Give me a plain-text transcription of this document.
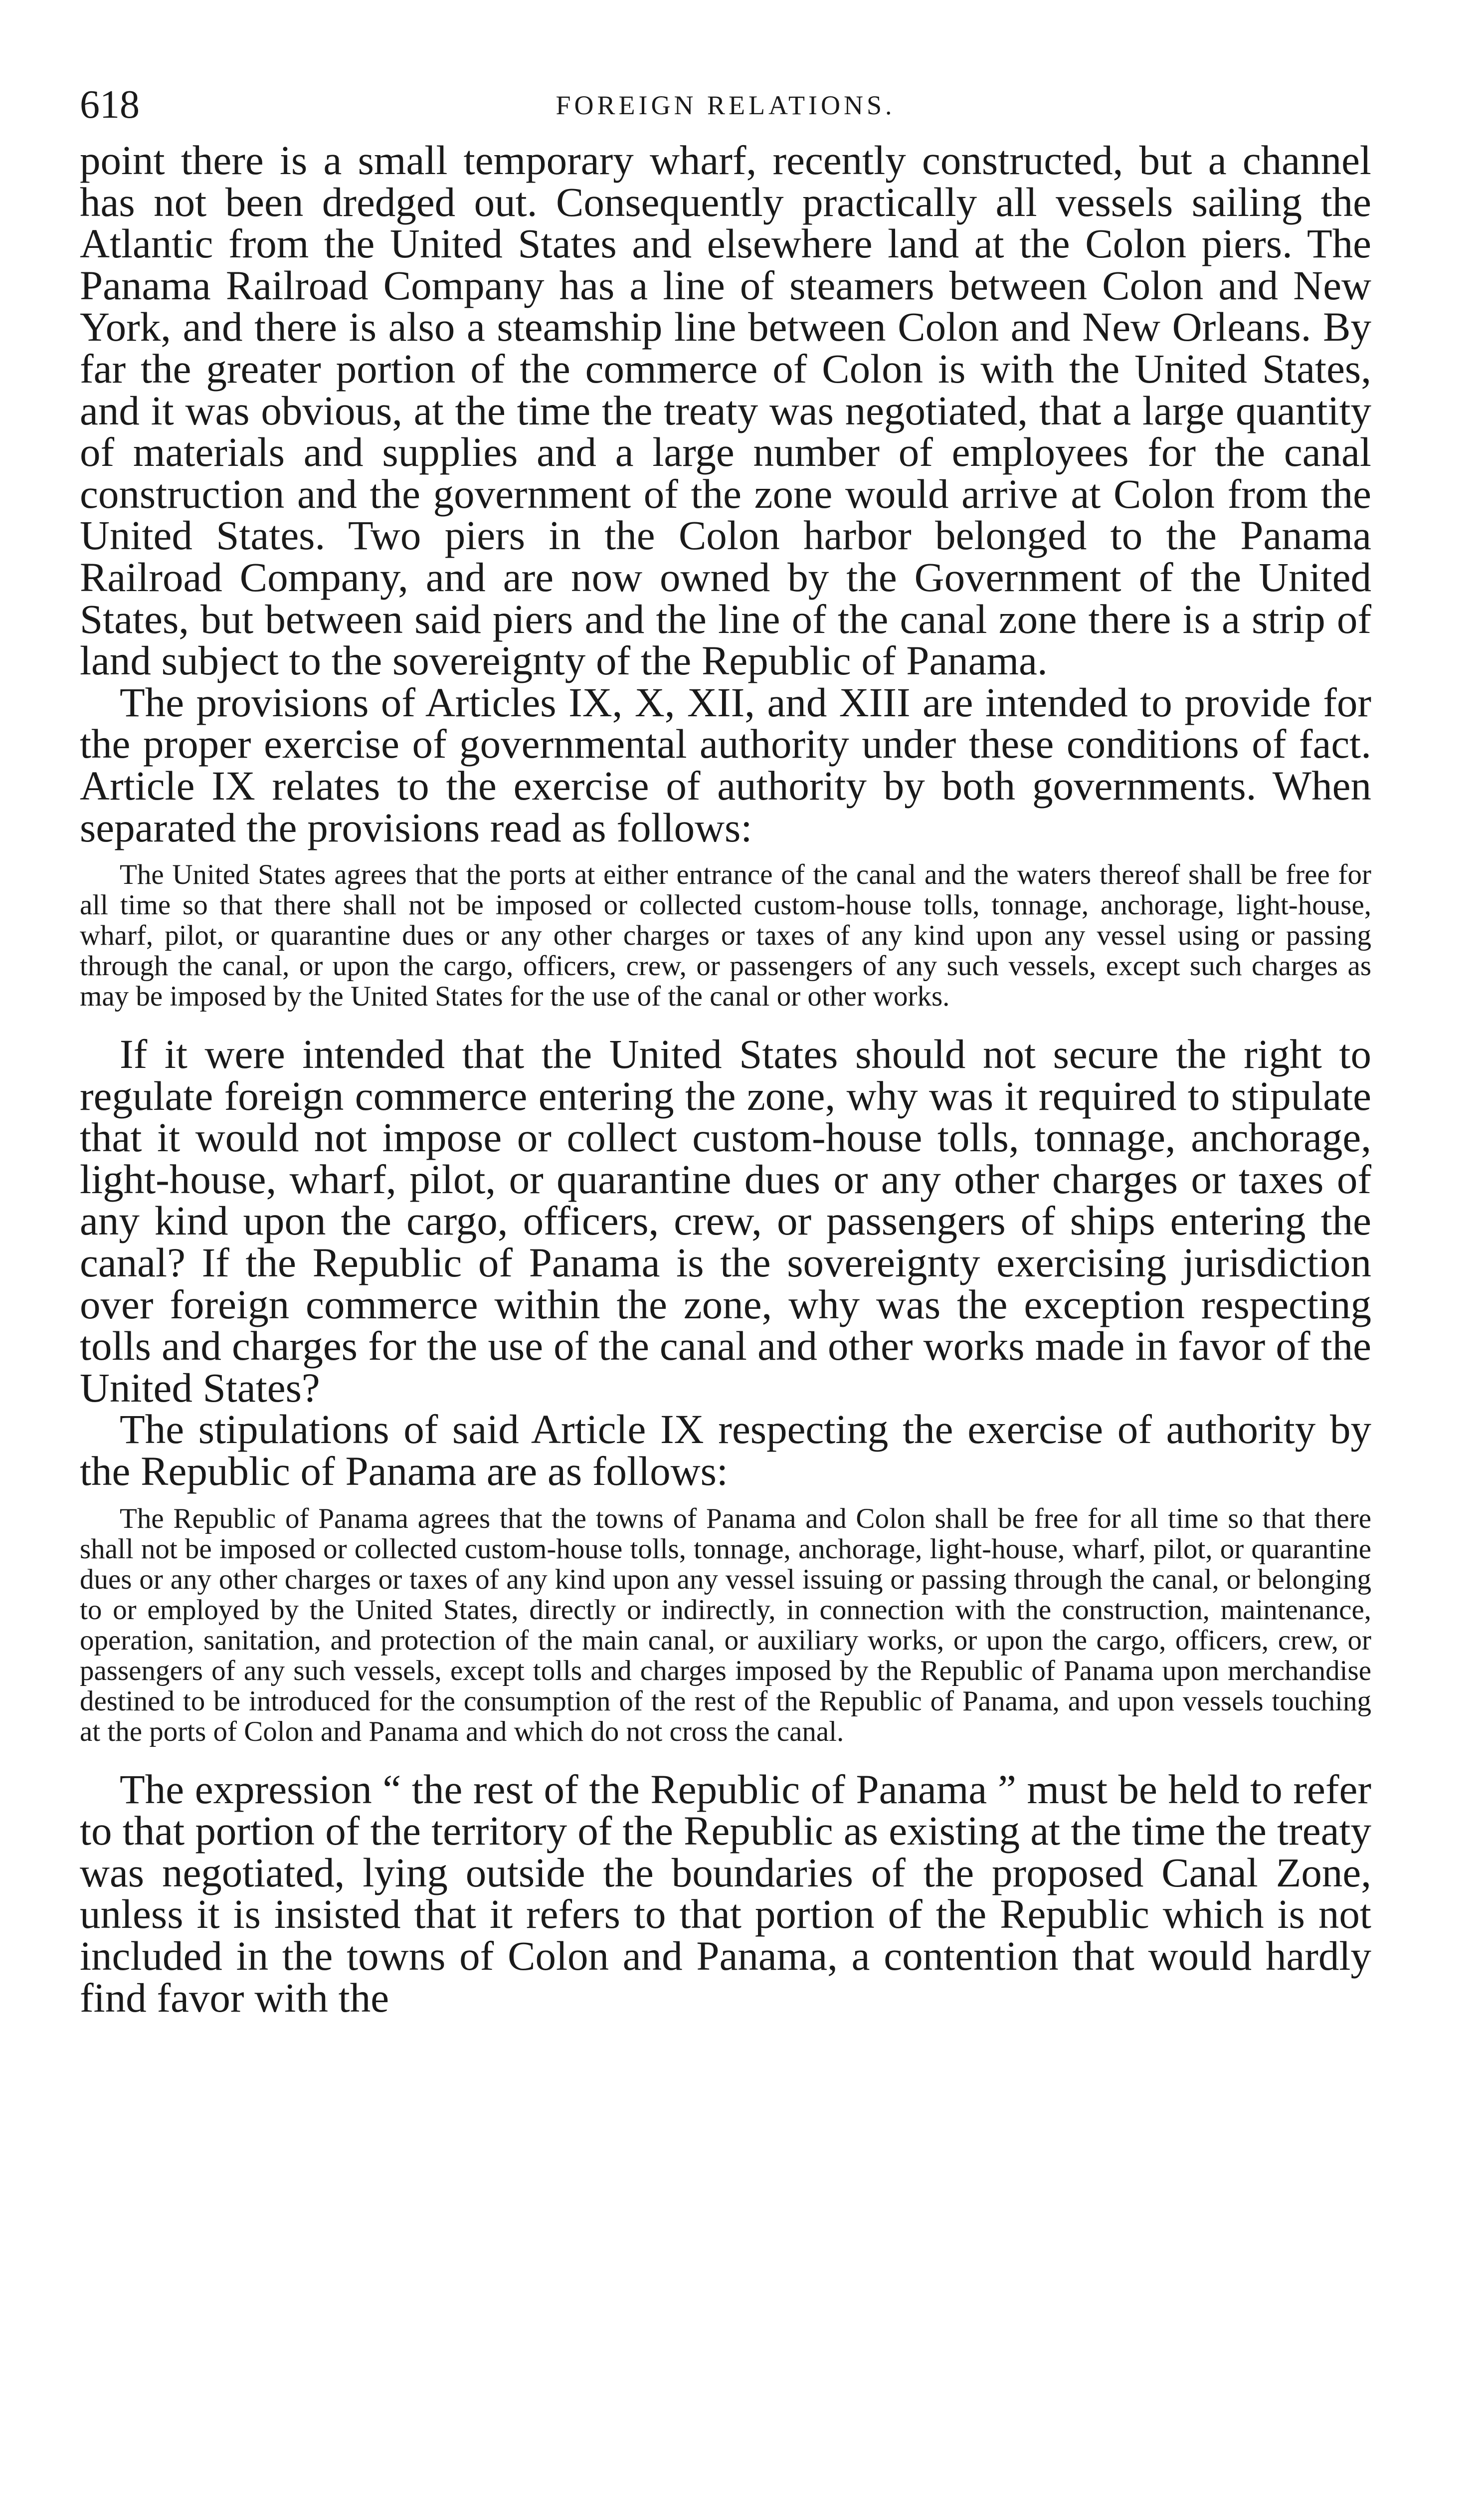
618	FOREIGN RELATIONS.

point there is a small temporary wharf, recently constructed, but a channel has not been dredged out. Consequently practically all vessels sailing the Atlantic from the United States and elsewhere land at the Colon piers. The Panama Railroad Company has a line of steamers between Colon and New York, and there is also a steamship line between Colon and New Orleans. By far the greater portion of the commerce of Colon is with the United States, and it was obvious, at the time the treaty was negotiated, that a large quantity of materials and supplies and a large number of employees for the canal construction and the government of the zone would arrive at Colon from the United States. Two piers in the Colon harbor belonged to the Panama Railroad Company, and are now owned by the Government of the United States, but between said piers and the line of the canal zone there is a strip of land subject to the sovereignty of the Republic of Panama.

The provisions of Articles IX, X, XII, and XIII are intended to provide for the proper exercise of governmental authority under these conditions of fact. Article IX relates to the exercise of authority by both governments. When separated the provisions read as follows:

The United States agrees that the ports at either entrance of the canal and the waters thereof shall be free for all time so that there shall not be imposed or collected custom-house tolls, tonnage, anchorage, light-house, wharf, pilot, or quarantine dues or any other charges or taxes of any kind upon any vessel using or passing through the canal, or upon the cargo, officers, crew, or passengers of any such vessels, except such charges as may be imposed by the United States for the use of the canal or other works.

If it were intended that the United States should not secure the right to regulate foreign commerce entering the zone, why was it required to stipulate that it would not impose or collect custom-house tolls, tonnage, anchorage, light-house, wharf, pilot, or quarantine dues or any other charges or taxes of any kind upon the cargo, officers, crew, or passengers of ships entering the canal? If the Republic of Panama is the sovereignty exercising jurisdiction over foreign commerce within the zone, why was the exception respecting tolls and charges for the use of the canal and other works made in favor of the United States?

The stipulations of said Article IX respecting the exercise of authority by the Republic of Panama are as follows:

The Republic of Panama agrees that the towns of Panama and Colon shall be free for all time so that there shall not be imposed or collected custom-house tolls, tonnage, anchorage, light-house, wharf, pilot, or quarantine dues or any other charges or taxes of any kind upon any vessel issuing or passing through the canal, or belonging to or employed by the United States, directly or indirectly, in connection with the construction, maintenance, operation, sanitation, and protection of the main canal, or auxiliary works, or upon the cargo, officers, crew, or passengers of any such vessels, except tolls and charges imposed by the Republic of Panama upon merchandise destined to be introduced for the consumption of the rest of the Republic of Panama, and upon vessels touching at the ports of Colon and Panama and which do not cross the canal.

The expression “ the rest of the Republic of Panama ” must be held to refer to that portion of the territory of the Republic as existing at the time the treaty was negotiated, lying outside the boundaries of the proposed Canal Zone, unless it is insisted that it refers to that portion of the Republic which is not included in the towns of Colon and Panama, a contention that would hardly find favor with the
